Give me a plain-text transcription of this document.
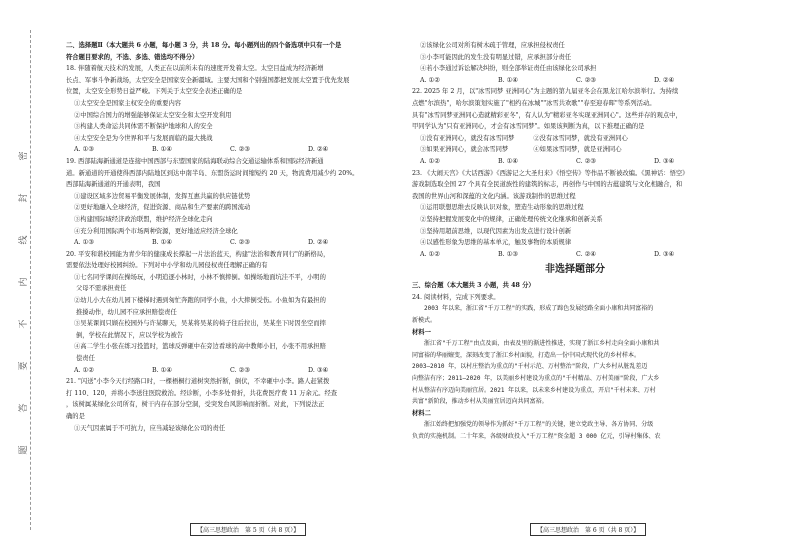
密
封
线
内
不
要
答
题
二、选择题Ⅱ（本大题共 6 小题，每小题 3 分，共 18 分。每小题列出的四个备选项中只有一个是
符合题目要求的，不选、多选、错选均不得分）
18. 伴随着航天技术的发展，人类正在以前所未有的速度开发着太空。太空目益成为经济新增
长点、军事斗争新战场，太空安全是国家安全新疆域。主要大国和个别强国都把发展太空置于优先发展
位置，太空安全形势日益严峻。下列关于太空安全表述正确的是
①太空安全是国家主权安全的重要内容
②中国综合国力的增强能够保证太空安全和太空开发利用
③构建人类命运共同体需不断保护地球和人的安全
④太空安全是为今世界和平与发展面临的最大挑战
A. ①③	B. ①④	C. ②③	D. ②④
19. 西部陆海新通道是连接中国西部与东盟国家的陆海联动综合交通运输体系和国际经济新通
道。新通道的开通使得西部内陆地区到达中南半岛、东盟货运时间缩短约 20 天，物流费用减少约 20%。
西部陆海新通道的开通表明，我国
①建设区域多边贸易平衡发展体制，发挥互惠共赢的供应链优势
②更好地融入全球经济，促进资源、商品和生产要素的跨国流动
③构建国际域经济政治联盟，维护经济全球化走向
④充分利用国际两个市场两种资源，更好地适应经济全球化
A. ①③	B. ①④	C. ②③	D. ②④
20. 平安和谐校园能为青少年的健康成长撑起一片法治蓝天，构建"法治和教育同行"的新格局，
需要依法处理好校园纠纷。下列对中小学和幼儿园侵权责任理解正确的有
①七名同学课间在操场玩，小明追逐小林时，小林不慎摔倒。如操场地面坑洼不平，小明的
父母不需承担责任
②幼儿小大在幼儿园下楼梯时遇到匆忙奔跑的同学小鱼，小大摔倒受伤。小鱼如为有最担的
推搡动作，幼儿园不应承担赔偿责任
③吴某课间只顾在校园外与许某聊天，吴某将吴某的椅子往后拉出，吴某坐下时因坐空而摔
倒，学校在此情况下，应以学校为被告
④高二学生小张在练习投篮时，篮球反弹砸中在旁边看球的高中教师小旧，小张不用承担赔
偿责任
A. ①②	B. ①④	C. ②③	D. ③④
21. "闪送"小李今天行经路口时，一棵梧桐行道树突然折断，倒伏，不幸砸中小李。路人赶紧拨
打 110、120，并将小李送往医院救治。经诊断，小李多处骨折，共花费医疗费 11 万余元。经查
，该树属某绿化公司所有，树干内存在部分空洞，受突发台风影响而折断。对此，下列说法正
确的是
①天气因素属于不可抗力，应当减轻该绿化公司的责任
【高三思想政治　第 5 页（共 8 页）】
②该绿化公司对所有树木疏于管理，应承担侵权责任
③小李可能因此的发生没有明显过错，应承担部分责任
④若小李通过诉讼解决纠纷，则全部举证责任由该绿化公司承担
A. ①②	B. ①④	C. ②③	D. ②④
22. 2025 年 2 月，以"冰雪同梦 亚洲同心"为主题的第九届亚冬会在黑龙江哈尔滨举行。为持续
点燃"尔滨热"，哈尔滨策划实施了"相约在冰城""冰雪共欢歌""春至迎春晖"等系列活动。
具有"冰雪同梦亚洲同心造就精彩亚冬"，有人认为"精彩亚冬实现亚洲同心"。这些并存的观点中，
甲同学认为"只有亚洲同心，才会有冰雪同梦"。如果该判断为真，以下推理正确的是
①没有亚洲同心，就没有冰雪同梦　　　②没有冰雪同梦，就没有亚洲同心
③如果亚洲同心，就会冰雪同梦　　　　④如果冰雪同梦，就是亚洲同心
A. ①②	B. ①④	C. ②③	D. ③④
23. 《大闹天宫》《大话西游》《西游记之大圣归来》《悟空传》等作品不断被改编。《黑神话：悟空》
游戏制选取全国 27 个具有全民道族性的建筑的标志，再创作与中国的古蕴建筑与文化相融合，和
我国的世界山河和深蕴的文化内涵。该游戏制作的思维过程
①运用联想思维去反映认识对象，塑造生动形象的思维过程
②坚持把握发展变化中的规律，正确处理传统文化继承和创新关系
③坚持用超前思维，以现代因素为出发点进行设计创新
④以感性形象为思维的基本单元，触及事物的本质规律
A. ①②	B. ①③	C. ②④	D. ③④
非选择题部分
三、综合题（本大题共 3 小题，共 48 分）
24. 阅读材料，完成下列要求。
　　2003 年以来，浙江省"千万工程"的实践，形成了蹄色发展经路全面小康和共同富裕的
新模式。
材料一
　　浙江省"千万工程"由点及面，由表及里的渐进性推进，实现了浙江乡村走向全面小康和共
同富裕的华丽嬗变，深刻改变了浙江乡村面貌，打造出一份中国式现代化的乡村样本。
2003—2010 年，以村庄整治为重点的"千村示范、万村整治"阶段，广大乡村从脏乱差迈
向整洁有序；2011—2020 年，以美丽乡村建设为重点的"千村精品、万村美丽"阶段，广大乡
村从整洁有序迈向美丽宜居。2021 年以来，以未来乡村建设为重点，开启"千村未来、万村
共富"新阶段，推动乡村从美丽宜居迈向共同富裕。
材料二
　　浙江始终把加强党的领导作为抓好"千万工程"的关键，建立党政主导、各方协同、分级
负责的实施机制。二十年来，各级财政投入"千万工程"资金超 3 000 亿元，引导村集体、农
【高三思想政治　第 6 页（共 8 页）】
